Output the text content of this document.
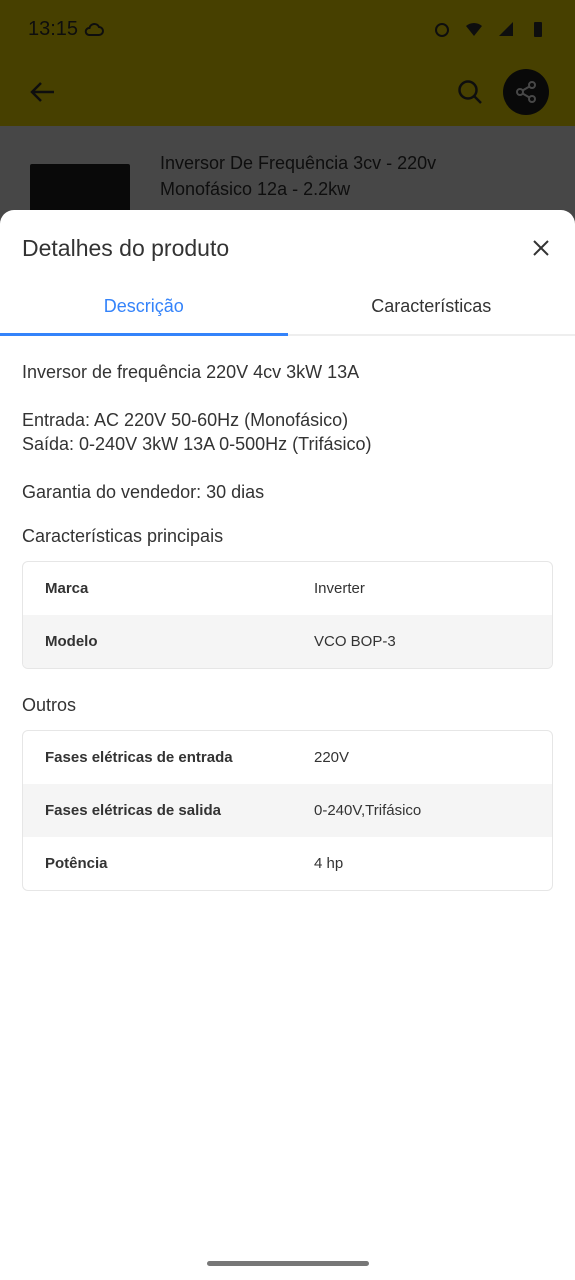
Detalhes do produto
Descrição	Características
Inversor de frequência 220V 4cv 3kW 13A
Entrada: AC 220V 50-60Hz (Monofásico)
Saída: 0-240V 3kW 13A 0-500Hz (Trifásico)
Garantia do vendedor: 30 dias
Características principais
Marca	Inverter
Modelo	VCO BOP-3
Outros
Fases elétricas de entrada	220V
Fases elétricas de salida	0-240V,Trifásico
Potência	4 hp
